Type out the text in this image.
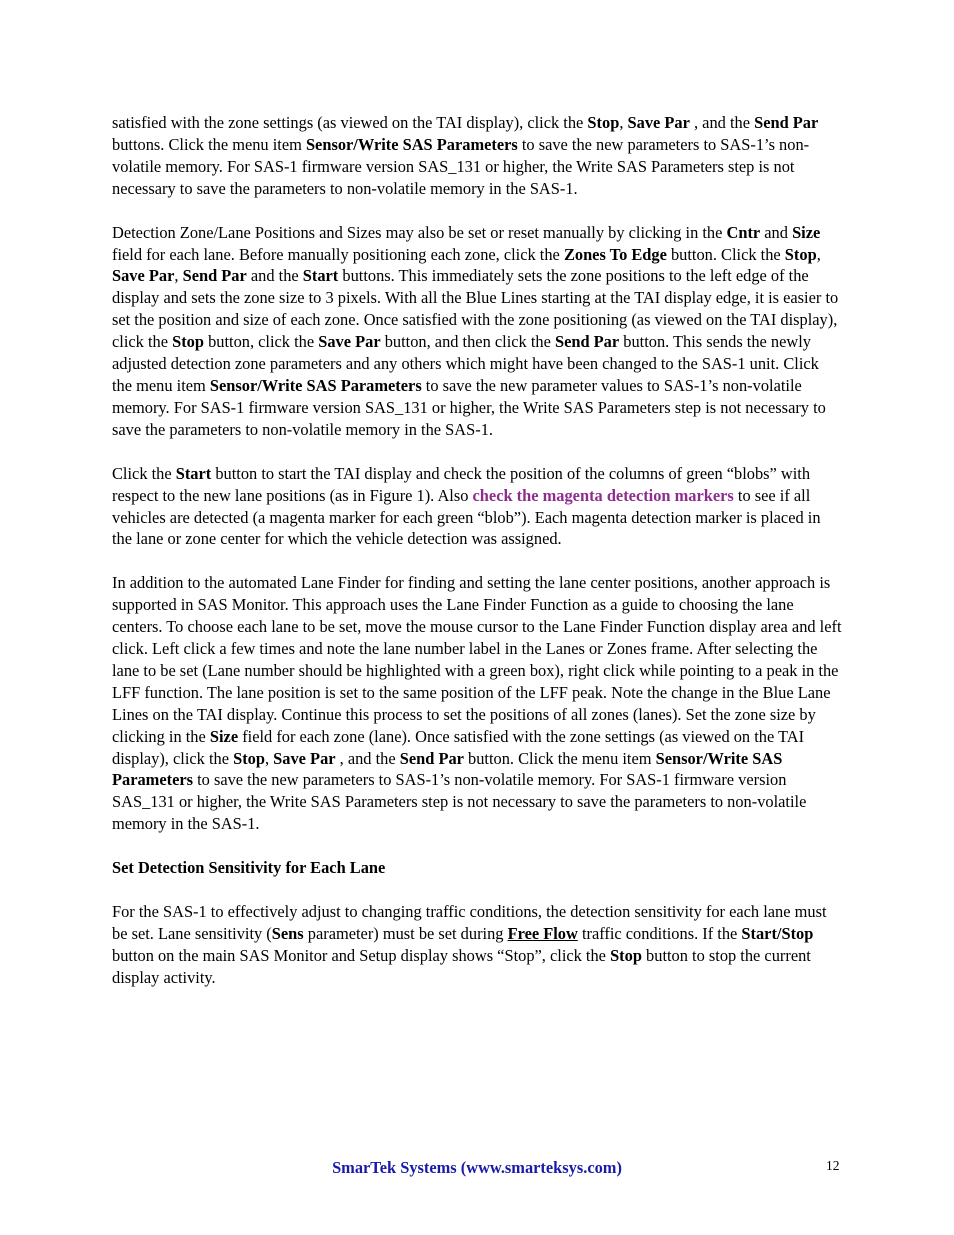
satisfied with the zone settings (as viewed on the TAI display), click the Stop, Save Par , and the Send Par buttons. Click the menu item Sensor/Write SAS Parameters to save the new parameters to SAS-1’s non-volatile memory. For SAS-1 firmware version SAS_131 or higher, the Write SAS Parameters step is not necessary to save the parameters to non-volatile memory in the SAS-1.

Detection Zone/Lane Positions and Sizes may also be set or reset manually by clicking in the Cntr and Size field for each lane. Before manually positioning each zone, click the Zones To Edge button. Click the Stop, Save Par, Send Par and the Start buttons. This immediately sets the zone positions to the left edge of the display and sets the zone size to 3 pixels. With all the Blue Lines starting at the TAI display edge, it is easier to set the position and size of each zone. Once satisfied with the zone positioning (as viewed on the TAI display), click the Stop button, click the Save Par button, and then click the Send Par button. This sends the newly adjusted detection zone parameters and any others which might have been changed to the SAS-1 unit. Click the menu item Sensor/Write SAS Parameters to save the new parameter values to SAS-1’s non-volatile memory. For SAS-1 firmware version SAS_131 or higher, the Write SAS Parameters step is not necessary to save the parameters to non-volatile memory in the SAS-1.

Click the Start button to start the TAI display and check the position of the columns of green “blobs” with respect to the new lane positions (as in Figure 1). Also check the magenta detection markers to see if all vehicles are detected (a magenta marker for each green “blob”). Each magenta detection marker is placed in the lane or zone center for which the vehicle detection was assigned.

In addition to the automated Lane Finder for finding and setting the lane center positions, another approach is supported in SAS Monitor. This approach uses the Lane Finder Function as a guide to choosing the lane centers. To choose each lane to be set, move the mouse cursor to the Lane Finder Function display area and left click. Left click a few times and note the lane number label in the Lanes or Zones frame. After selecting the lane to be set (Lane number should be highlighted with a green box), right click while pointing to a peak in the LFF function. The lane position is set to the same position of the LFF peak. Note the change in the Blue Lane Lines on the TAI display. Continue this process to set the positions of all zones (lanes). Set the zone size by clicking in the Size field for each zone (lane). Once satisfied with the zone settings (as viewed on the TAI display), click the Stop, Save Par , and the Send Par button. Click the menu item Sensor/Write SAS Parameters to save the new parameters to SAS-1’s non-volatile memory. For SAS-1 firmware version SAS_131 or higher, the Write SAS Parameters step is not necessary to save the parameters to non-volatile memory in the SAS-1.

Set Detection Sensitivity for Each Lane

For the SAS-1 to effectively adjust to changing traffic conditions, the detection sensitivity for each lane must be set. Lane sensitivity (Sens parameter) must be set during Free Flow traffic conditions. If the Start/Stop button on the main SAS Monitor and Setup display shows “Stop”, click the Stop button to stop the current display activity.

SmarTek Systems (www.smarteksys.com)	12
